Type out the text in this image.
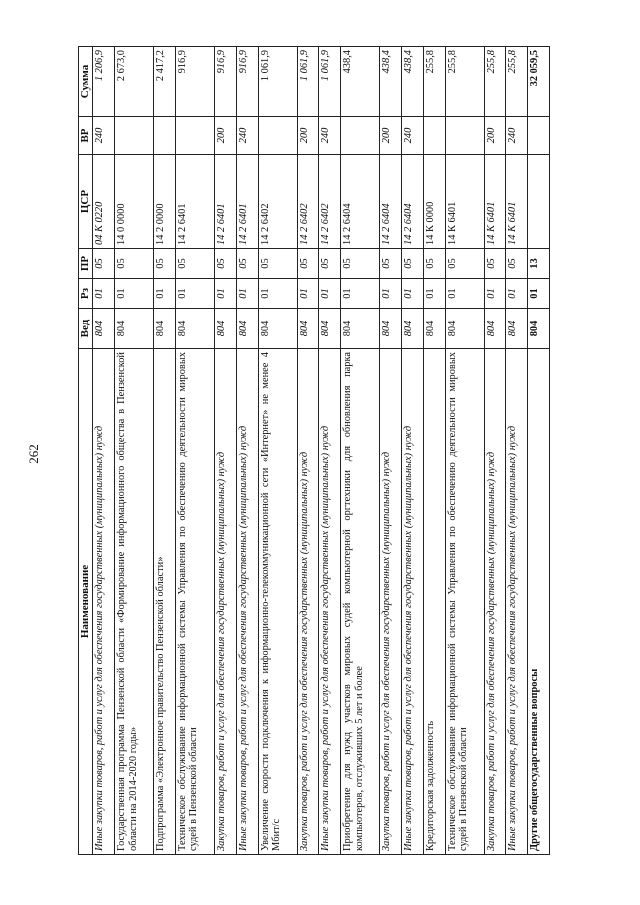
262
Наименование	Вед	Рз	ПР	ЦСР	ВР	Сумма
Иные закупки товаров, работ и услуг для обеспечения государственных (муниципальных) нужд	804	01	05	04 К 0220	240	1 206,9
Государственная программа Пензенской области «Формирование информационного общества в Пензенской области на 2014-2020 годы»	804	01	05	14 0 0000		2 673,0
Подпрограмма «Электронное правительство Пензенской области»	804	01	05	14 2 0000		2 417,2
Техническое обслуживание информационной системы Управления по обеспечению деятельности мировых судей в Пензенской области	804	01	05	14 2 6401		916,9
Закупка товаров, работ и услуг для обеспечения государственных (муниципальных) нужд	804	01	05	14 2 6401	200	916,9
Иные закупки товаров, работ и услуг для обеспечения государственных (муниципальных) нужд	804	01	05	14 2 6401	240	916,9
Увеличение скорости подключения к информационно-телекоммуникационной сети «Интернет» не менее 4 Мбит/с	804	01	05	14 2 6402		1 061,9
Закупка товаров, работ и услуг для обеспечения государственных (муниципальных) нужд	804	01	05	14 2 6402	200	1 061,9
Иные закупки товаров, работ и услуг для обеспечения государственных (муниципальных) нужд	804	01	05	14 2 6402	240	1 061,9
Приобретение для нужд участков мировых судей компьютерной оргтехники для обновления парка компьютеров, отслуживших 5 лет и более	804	01	05	14 2 6404		438,4
Закупка товаров, работ и услуг для обеспечения государственных (муниципальных) нужд	804	01	05	14 2 6404	200	438,4
Иные закупки товаров, работ и услуг для обеспечения государственных (муниципальных) нужд	804	01	05	14 2 6404	240	438,4
Кредиторская задолженность	804	01	05	14 К 0000		255,8
Техническое обслуживание информационной системы Управления по обеспечению деятельности мировых судей в Пензенской области	804	01	05	14 К 6401		255,8
Закупка товаров, работ и услуг для обеспечения государственных (муниципальных) нужд	804	01	05	14 К 6401	200	255,8
Иные закупки товаров, работ и услуг для обеспечения государственных (муниципальных) нужд	804	01	05	14 К 6401	240	255,8
Другие общегосударственные вопросы	804	01	13			32 059,5
